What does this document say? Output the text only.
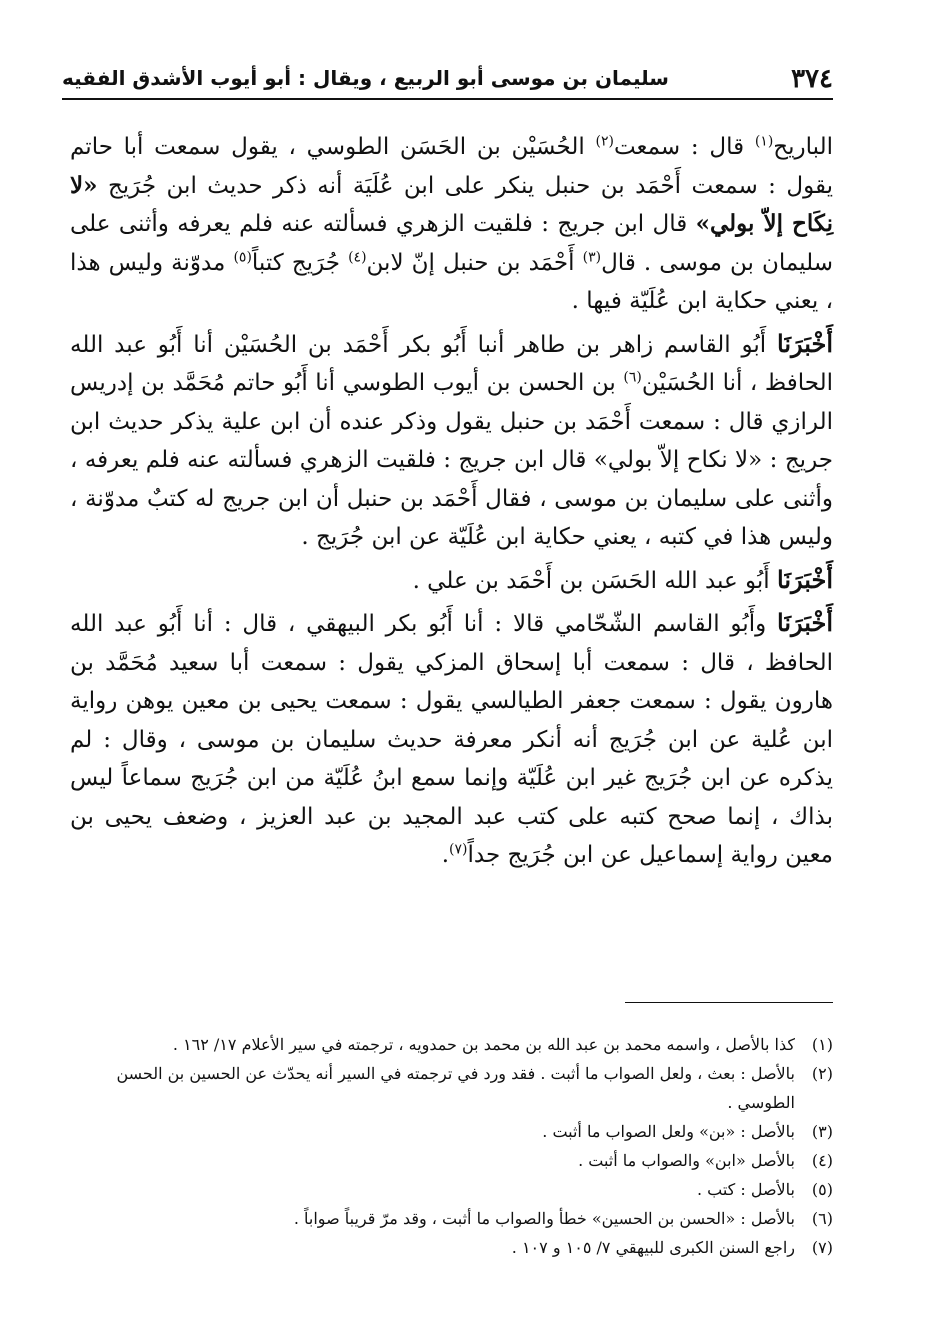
٣٧٤
سليمان بن موسى أبو الربيع ، ويقال : أبو أيوب الأشدق الفقيه

الباريح$^{(١)}$ قال : سمعت$^{(٢)}$ الحُسَيْن بن الحَسَن الطوسي ، يقول سمعت أبا حاتم يقول : سمعت أَحْمَد بن حنبل ينكر على ابن عُلَيَة أنه ذكر حديث ابن جُرَيج «لا نِكَاح إلاّ بولي» قال ابن جريج : فلقيت الزهري فسألته عنه فلم يعرفه وأثنى على سليمان بن موسى . قال$^{(٣)}$ أَحْمَد بن حنبل إنّ لابن$^{(٤)}$ جُرَيج كتباً$^{(٥)}$ مدوّنة وليس هذا ، يعني حكاية ابن عُلَيّة فيها .

أَخْبَرَنَا أَبُو القاسم زاهر بن طاهر أنبا أَبُو بكر أَحْمَد بن الحُسَيْن أنا أَبُو عبد الله الحافظ ، أنا الحُسَيْن$^{(٦)}$ بن الحسن بن أيوب الطوسي أنا أَبُو حاتم مُحَمَّد بن إدريس الرازي قال : سمعت أَحْمَد بن حنبل يقول وذكر عنده أن ابن علية يذكر حديث ابن جريج : «لا نكاح إلاّ بولي» قال ابن جريج : فلقيت الزهري فسألته عنه فلم يعرفه ، وأثنى على سليمان بن موسى ، فقال أَحْمَد بن حنبل أن ابن جريج له كتبٌ مدوّنة ، وليس هذا في كتبه ، يعني حكاية ابن عُلَيّة عن ابن جُرَيج .

أَخْبَرَنَا أَبُو عبد الله الحَسَن بن أَحْمَد بن علي .

أَخْبَرَنَا وأَبُو القاسم الشّحّامي قالا : أنا أَبُو بكر البيهقي ، قال : أنا أَبُو عبد الله الحافظ ، قال : سمعت أبا إسحاق المزكي يقول : سمعت أبا سعيد مُحَمَّد بن هارون يقول : سمعت جعفر الطيالسي يقول : سمعت يحيى بن معين يوهن رواية ابن عُلية عن ابن جُرَيج أنه أنكر معرفة حديث سليمان بن موسى ، وقال : لم يذكره عن ابن جُرَيج غير ابن عُلَيّة وإنما سمع ابنُ عُلَيّة من ابن جُرَيج سماعاً ليس بذاك ، إنما صحح كتبه على كتب عبد المجيد بن عبد العزيز ، وضعف يحيى بن معين رواية إسماعيل عن ابن جُرَيج جداً$^{(٧)}$.

(١)
كذا بالأصل ، واسمه محمد بن عبد الله بن محمد بن حمدويه ، ترجمته في سير الأعلام ١٧/ ١٦٢ .
(٢)
بالأصل : بعث ، ولعل الصواب ما أثبت . فقد ورد في ترجمته في السير أنه يحدّث عن الحسين بن الحسن الطوسي .
(٣)
بالأصل : «بن» ولعل الصواب ما أثبت .
(٤)
بالأصل «ابن» والصواب ما أثبت .
(٥)
بالأصل : كتب .
(٦)
بالأصل : «الحسن بن الحسين» خطأ والصواب ما أثبت ، وقد مرّ قريباً صواباً .
(٧)
راجع السنن الكبرى للبيهقي ٧/ ١٠٥ و ١٠٧ .
